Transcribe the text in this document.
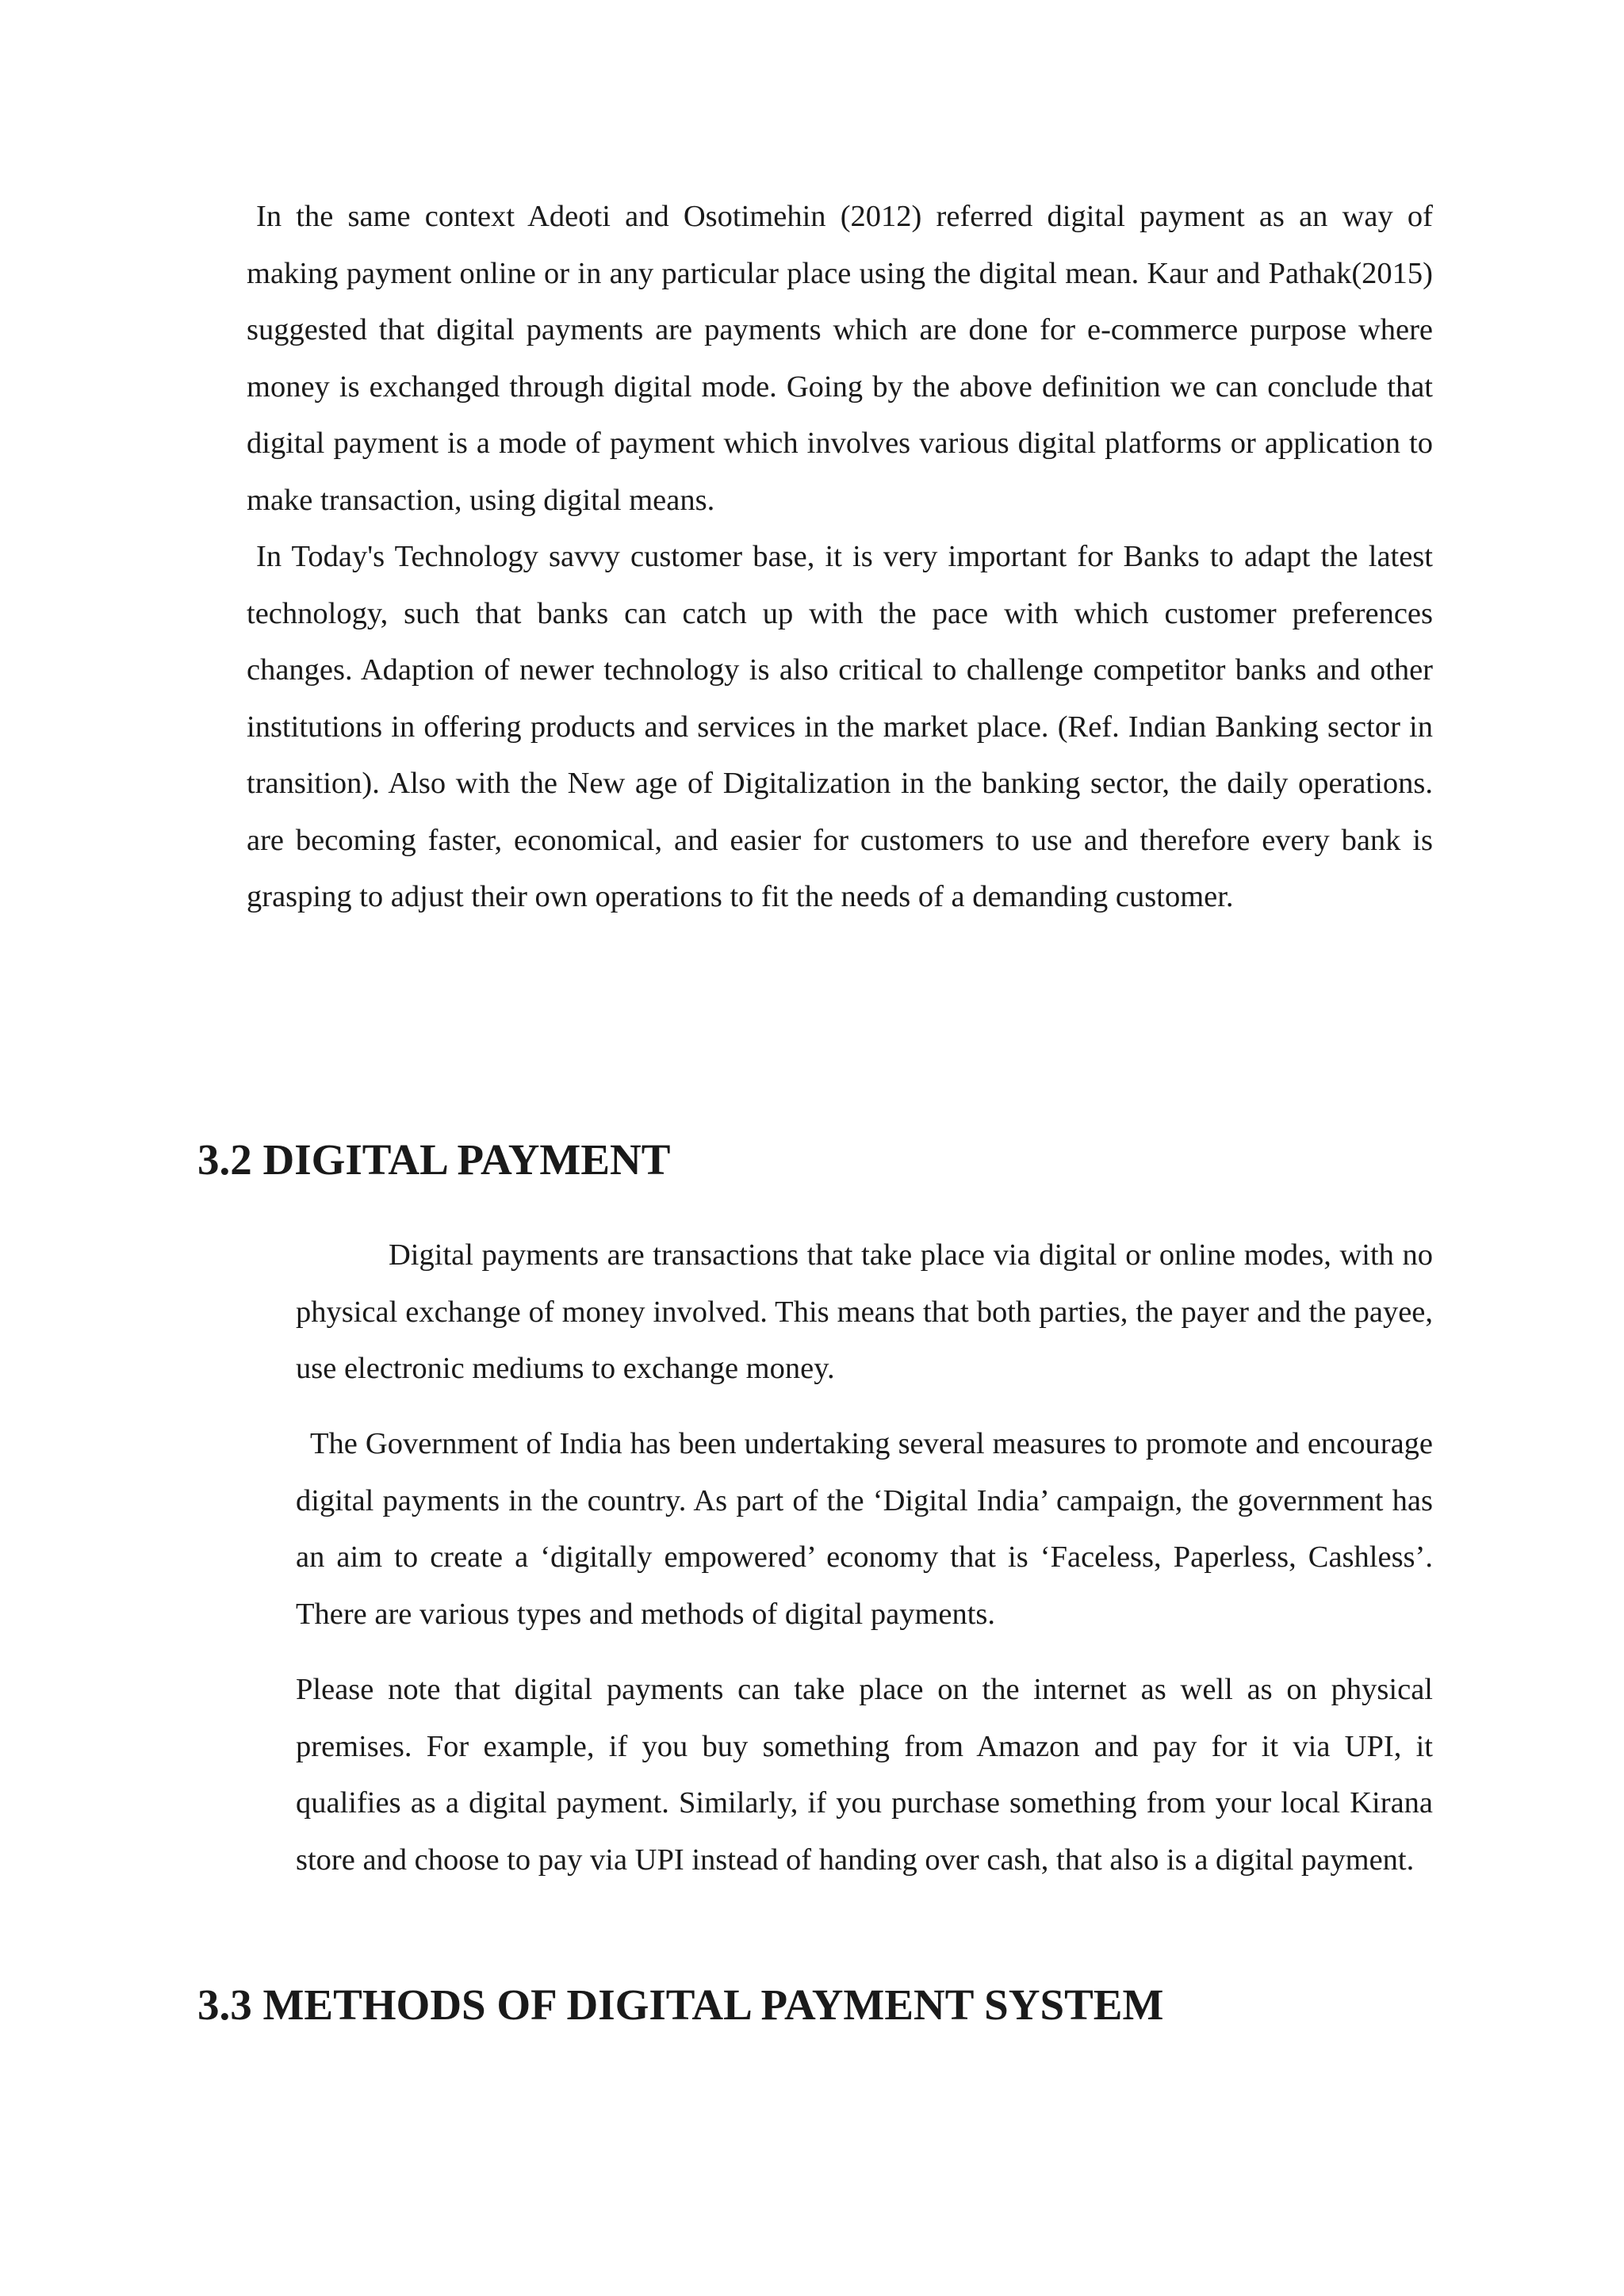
In the same context Adeoti and Osotimehin (2012) referred digital payment as an way of making payment online or in any particular place using the digital mean. Kaur and Pathak(2015) suggested that digital payments are payments which are done for e-commerce purpose where money is exchanged through digital mode. Going by the above definition we can conclude that digital payment is a mode of payment which involves various digital platforms or application to make transaction, using digital means.
In Today's Technology savvy customer base, it is very important for Banks to adapt the latest technology, such that banks can catch up with the pace with which customer preferences changes. Adaption of newer technology is also critical to challenge competitor banks and other institutions in offering products and services in the market place. (Ref. Indian Banking sector in transition). Also with the New age of Digitalization in the banking sector, the daily operations. are becoming faster, economical, and easier for customers to use and therefore every bank is grasping to adjust their own operations to fit the needs of a demanding customer.
3.2 DIGITAL PAYMENT

Digital payments are transactions that take place via digital or online modes, with no physical exchange of money involved. This means that both parties, the payer and the payee, use electronic mediums to exchange money.

The Government of India has been undertaking several measures to promote and encourage digital payments in the country. As part of the ‘Digital India’ campaign, the government has an aim to create a ‘digitally empowered’ economy that is ‘Faceless, Paperless, Cashless’. There are various types and methods of digital payments.

Please note that digital payments can take place on the internet as well as on physical premises. For example, if you buy something from Amazon and pay for it via UPI, it qualifies as a digital payment. Similarly, if you purchase something from your local Kirana store and choose to pay via UPI instead of handing over cash, that also is a digital payment.

3.3 METHODS OF DIGITAL PAYMENT SYSTEM
